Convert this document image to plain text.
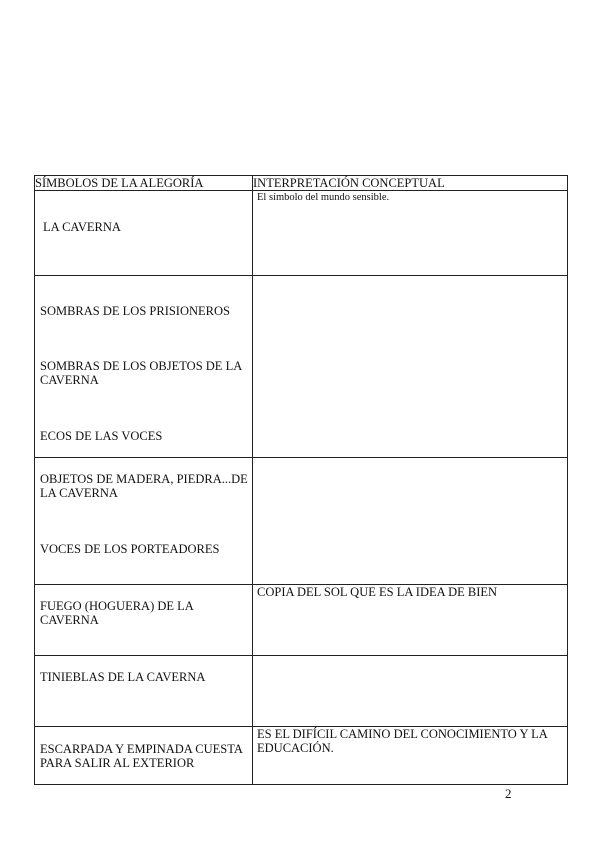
SÍMBOLOS DE LA ALEGORÍA	INTERPRETACIÓN CONCEPTUAL

LA CAVERNA	El símbolo del mundo sensible.

SOMBRAS DE LOS PRISIONEROS
SOMBRAS DE LOS OBJETOS DE LA CAVERNA
ECOS DE LAS VOCES	

OBJETOS DE MADERA, PIEDRA...DE LA CAVERNA
VOCES DE LOS PORTEADORES	

FUEGO (HOGUERA) DE LA CAVERNA	COPIA DEL SOL QUE ES LA IDEA DE BIEN

TINIEBLAS DE LA CAVERNA	

ESCARPADA Y EMPINADA CUESTA PARA SALIR AL EXTERIOR	ES EL DIFÍCIL CAMINO DEL CONOCIMIENTO Y LA EDUCACIÓN.
2
